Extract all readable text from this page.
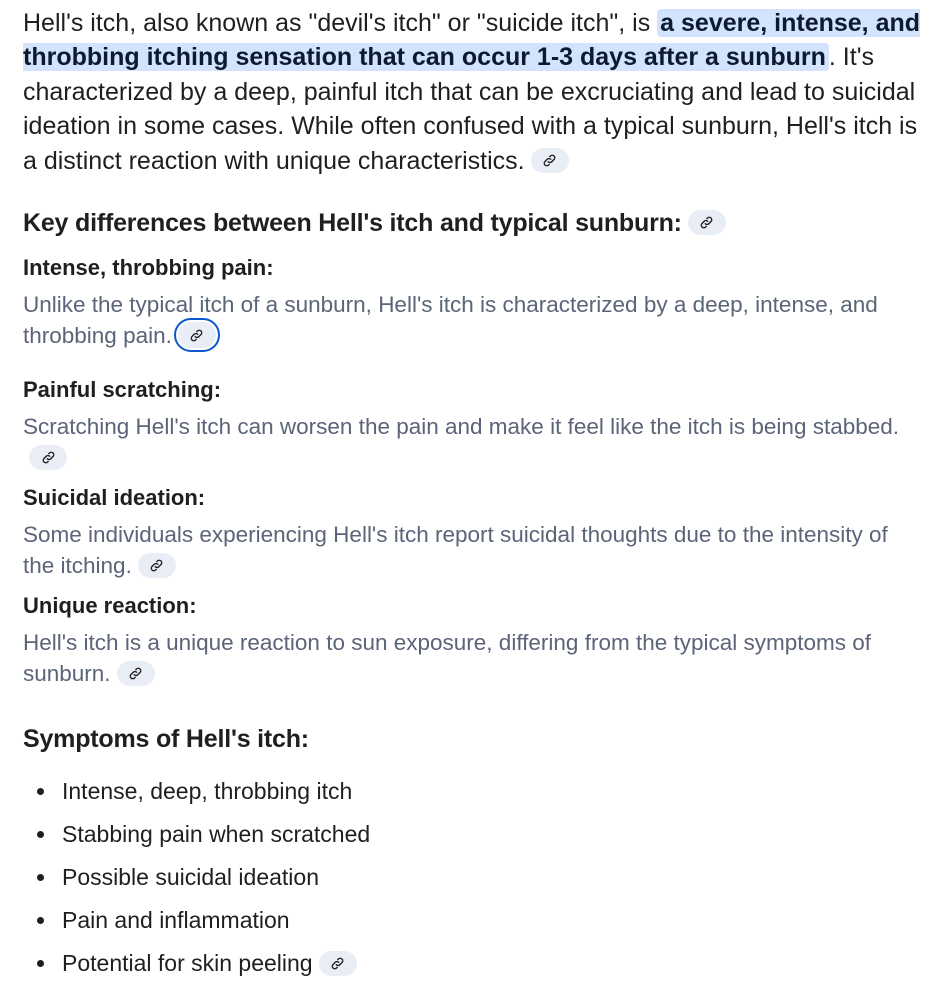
Hell's itch, also known as "devil's itch" or "suicide itch", is a severe, intense, and throbbing itching sensation that can occur 1-3 days after a sunburn . It's characterized by a deep, painful itch that can be excruciating and lead to suicidal ideation in some cases. While often confused with a typical sunburn, Hell's itch is a distinct reaction with unique characteristics.

Key differences between Hell's itch and typical sunburn:
Intense, throbbing pain:

Unlike the typical itch of a sunburn, Hell's itch is characterized by a deep, intense, and throbbing pain.

Painful scratching:

Scratching Hell's itch can worsen the pain and make it feel like the itch is being stabbed.

Suicidal ideation:

Some individuals experiencing Hell's itch report suicidal thoughts due to the intensity of the itching.

Unique reaction:

Hell's itch is a unique reaction to sun exposure, differing from the typical symptoms of sunburn.

Symptoms of Hell's itch:
Intense, deep, throbbing itch
Stabbing pain when scratched
Possible suicidal ideation
Pain and inflammation
Potential for skin peeling
